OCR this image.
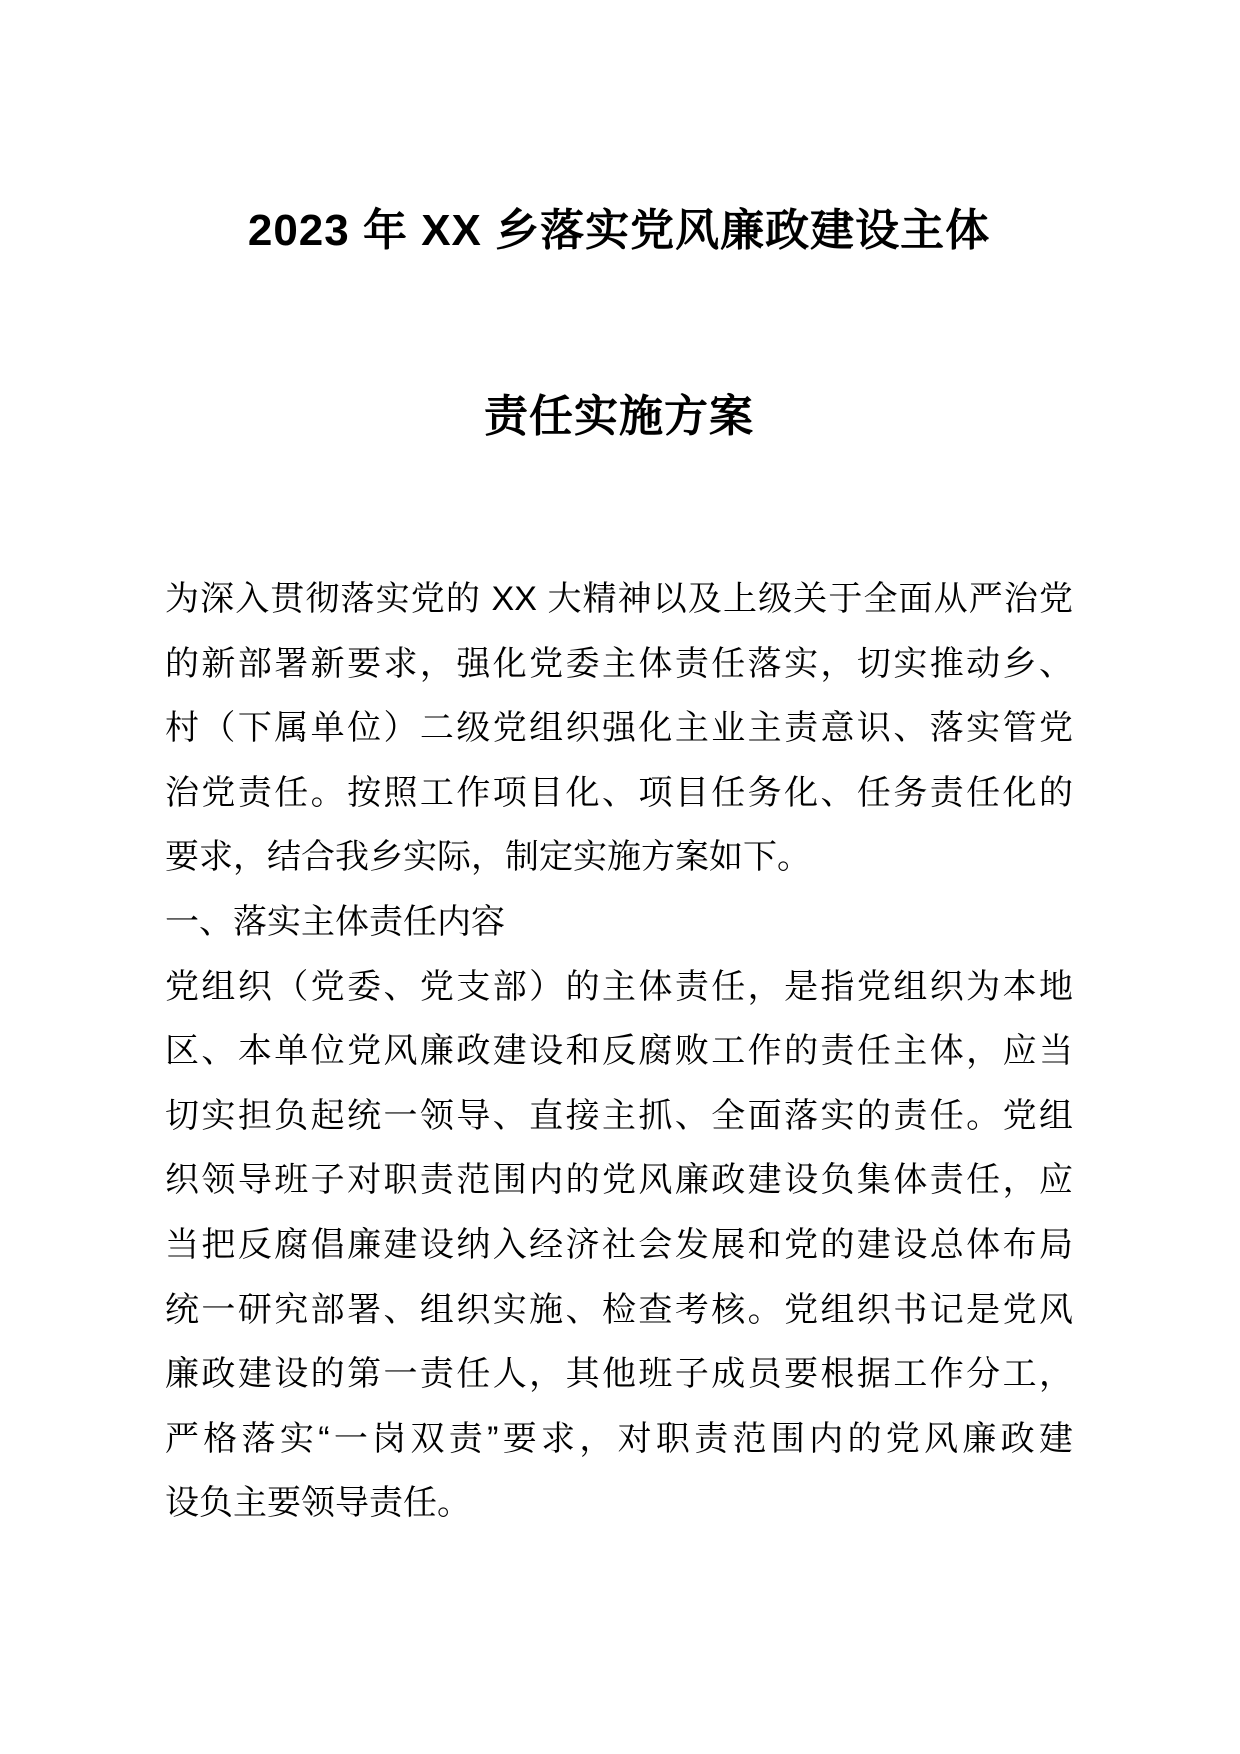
2023 年 XX 乡落实党风廉政建设主体
责任实施方案
为深入贯彻落实党的 XX 大精神以及上级关于全面从严治党
的新部署新要求，强化党委主体责任落实，切实推动乡、
村（下属单位）二级党组织强化主业主责意识、落实管党
治党责任。按照工作项目化、项目任务化、任务责任化的
要求，结合我乡实际，制定实施方案如下。
一、落实主体责任内容
党组织（党委、党支部）的主体责任，是指党组织为本地
区、本单位党风廉政建设和反腐败工作的责任主体，应当
切实担负起统一领导、直接主抓、全面落实的责任。党组
织领导班子对职责范围内的党风廉政建设负集体责任，应
当把反腐倡廉建设纳入经济社会发展和党的建设总体布局
统一研究部署、组织实施、检查考核。党组织书记是党风
廉政建设的第一责任人，其他班子成员要根据工作分工，
严格落实“一岗双责”要求，对职责范围内的党风廉政建
设负主要领导责任。
